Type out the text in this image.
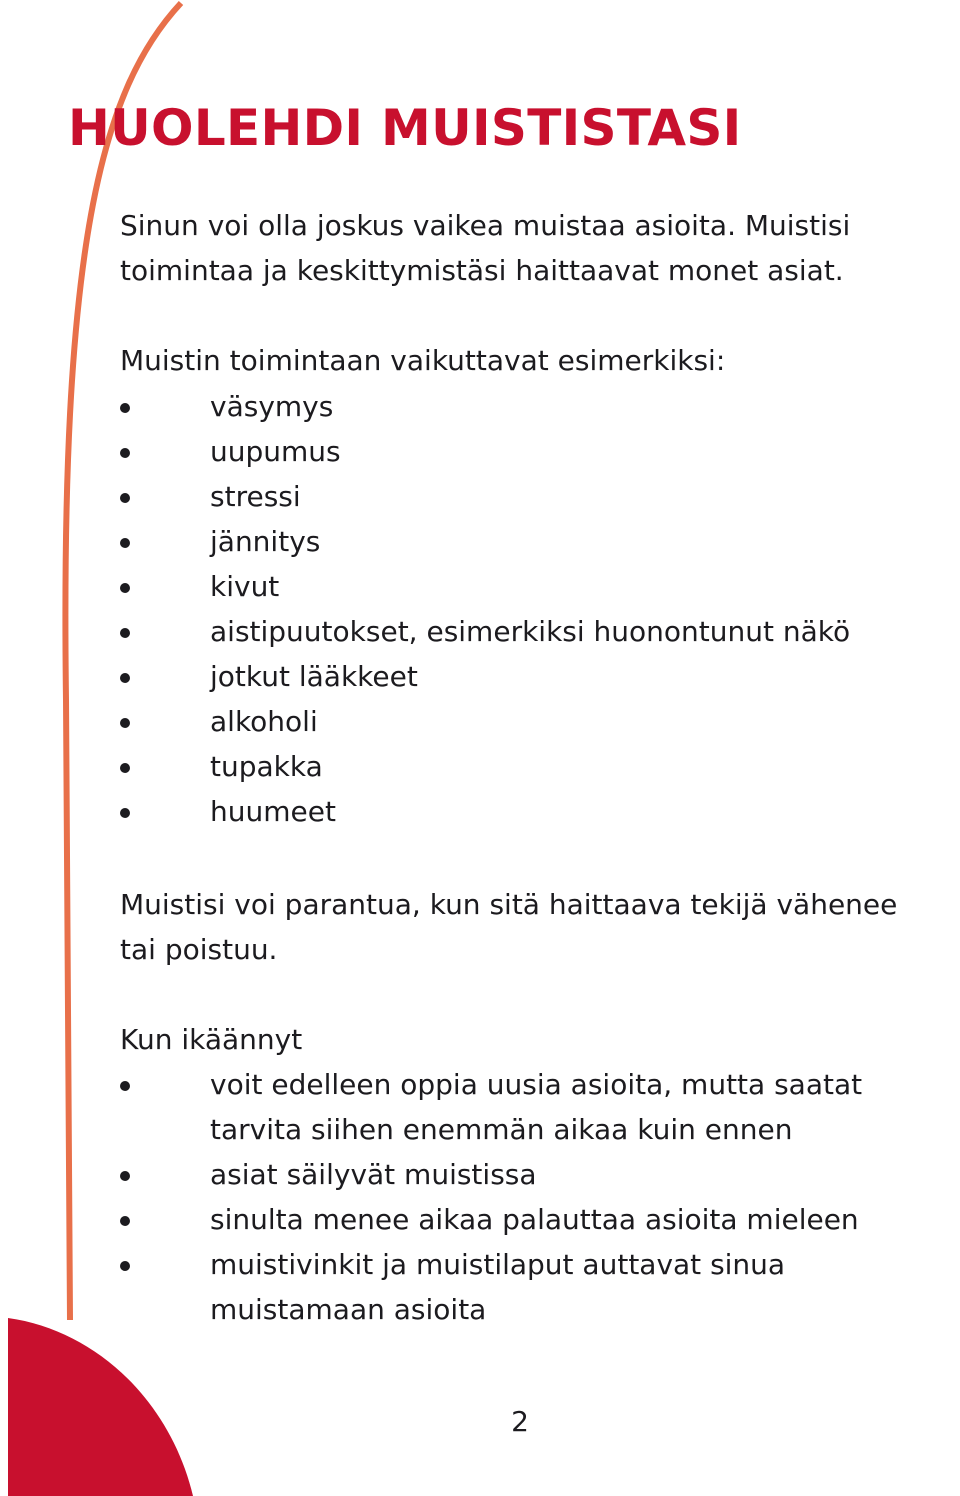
HUOLEHDI MUISTISTASI

Sinun voi olla joskus vaikea muistaa asioita. Muistisi
toimintaa ja keskittymistäsi haittaavat monet asiat.

Muistin toimintaan vaikuttavat esimerkiksi:

väsymys
uupumus
stressi
jännitys
kivut
aistipuutokset, esimerkiksi huonontunut näkö
jotkut lääkkeet
alkoholi
tupakka
huumeet

Muistisi voi parantua, kun sitä haittaava tekijä vähenee
tai poistuu.

Kun ikäännyt

voit edelleen oppia uusia asioita, mutta saatat
tarvita siihen enemmän aikaa kuin ennen
asiat säilyvät muistissa
sinulta menee aikaa palauttaa asioita mieleen
muistivinkit ja muistilaput auttavat sinua
muistamaan asioita
2
